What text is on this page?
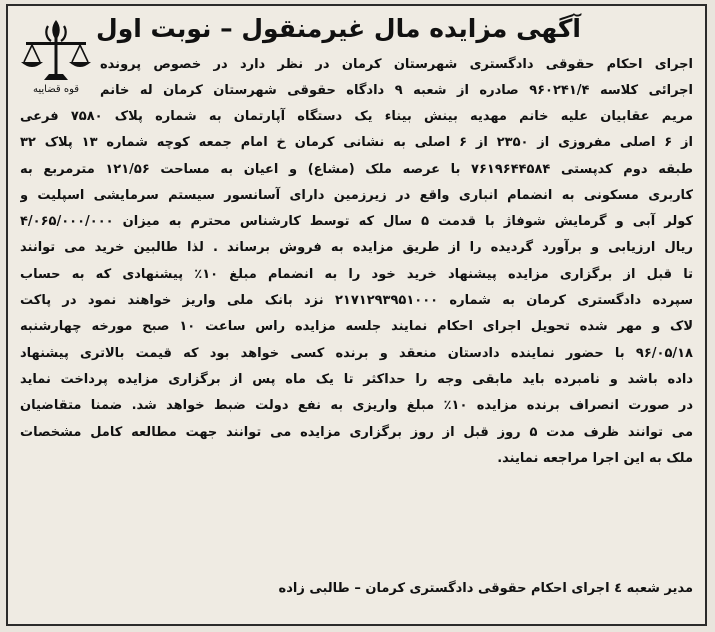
قوه قضاییه
آگهی مزایده مال غیرمنقول – نوبت اول
اجرای احکام حقوقی دادگستری شهرستان کرمان در نظر دارد در خصوص پرونده
اجرائی کلاسه ۹۶۰۲۴۱/۴ صادره از شعبه ۹ دادگاه حقوقی شهرستان کرمان له خانم
مریم عقابیان علیه خانم مهدیه بینش بیناء یک دستگاه آپارتمان به شماره پلاک ۷۵۸۰ فرعی
از ۶ اصلی مفروزی از ۲۳۵۰ از ۶ اصلی به نشانی کرمان خ امام جمعه کوچه شماره ۱۳ پلاک ۳۲
طبقه دوم کدپستی ۷۶۱۹۶۴۴۵۸۴ با عرصه ملک (مشاع) و اعیان به مساحت ۱۲۱/۵۶ مترمربع به
کاربری مسکونی به انضمام انباری واقع در زیرزمین دارای آسانسور سیستم سرمایشی اسپلیت و
کولر آبی و گرمایش شوفاژ با قدمت ۵ سال که توسط کارشناس محترم به میزان ۴/۰۶۵/۰۰۰/۰۰۰
ریال ارزیابی و برآورد گردیده را از طریق مزایده به فروش برساند . لذا طالبین خرید می توانند
تا قبل از برگزاری مزایده پیشنهاد خرید خود را به انضمام مبلغ ۱۰٪ پیشنهادی که به حساب
سپرده دادگستری کرمان به شماره ۲۱۷۱۲۹۳۹۵۱۰۰۰ نزد بانک ملی واریز خواهند نمود در پاکت
لاک و مهر شده تحویل اجرای احکام نمایند جلسه مزایده راس ساعت ۱۰ صبح مورخه چهارشنبه
۹۶/۰۵/۱۸ با حضور نماینده دادستان منعقد و برنده کسی خواهد بود که قیمت بالاتری پیشنهاد
داده باشد و نامبرده باید مابقی وجه را حداکثر تا یک ماه پس از برگزاری مزایده پرداخت نماید
در صورت انصراف برنده مزایده ۱۰٪ مبلغ واریزی به نفع دولت ضبط خواهد شد. ضمنا متقاضیان
می توانند ظرف مدت ۵ روز قبل از روز برگزاری مزایده می توانند جهت مطالعه کامل مشخصات
ملک به این اجرا مراجعه نمایند.
مدیر شعبه ٤ اجرای احکام حقوقی دادگستری کرمان – طالبی زاده
